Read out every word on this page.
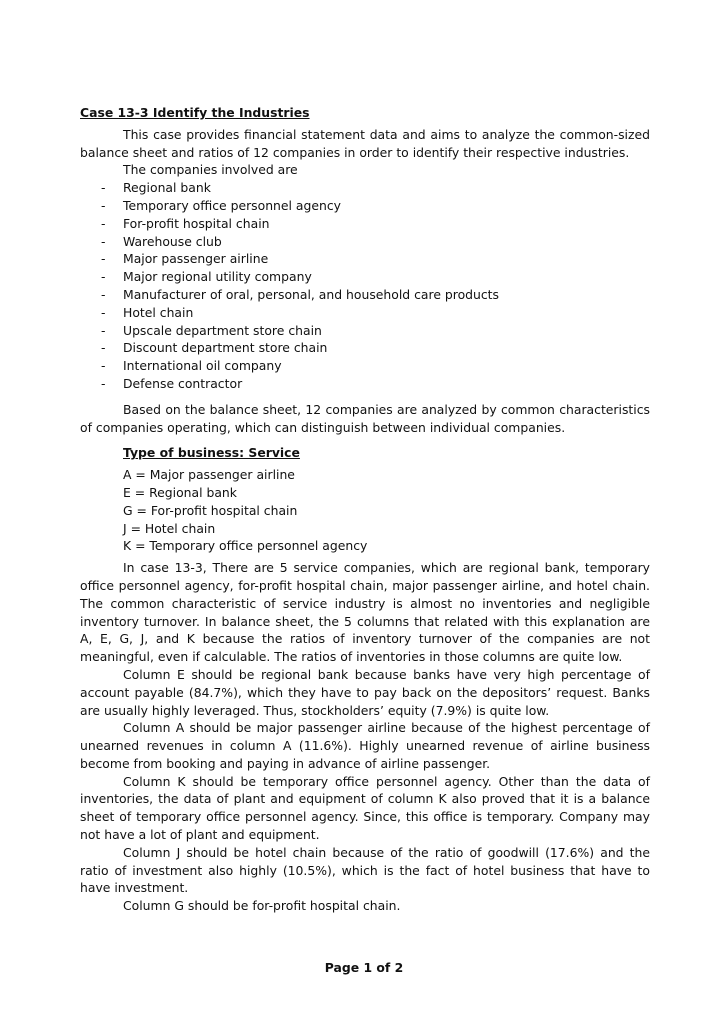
Case 13-3 Identify the Industries

This case provides financial statement data and aims to analyze the common-sized balance sheet and ratios of 12 companies in order to identify their respective industries.

The companies involved are

- Regional bank
- Temporary office personnel agency
- For-profit hospital chain
- Warehouse club
- Major passenger airline
- Major regional utility company
- Manufacturer of oral, personal, and household care products
- Hotel chain
- Upscale department store chain
- Discount department store chain
- International oil company
- Defense contractor

Based on the balance sheet, 12 companies are analyzed by common characteristics of companies operating, which can distinguish between individual companies.

Type of business: Service

A = Major passenger airline

E = Regional bank

G = For-profit hospital chain

J = Hotel chain

K = Temporary office personnel agency

In case 13-3, There are 5 service companies, which are regional bank, temporary office personnel agency, for-profit hospital chain, major passenger airline, and hotel chain. The common characteristic of service industry is almost no inventories and negligible inventory turnover. In balance sheet, the 5 columns that related with this explanation are A, E, G, J, and K because the ratios of inventory turnover of the companies are not meaningful, even if calculable. The ratios of inventories in those columns are quite low.

Column E should be regional bank because banks have very high percentage of account payable (84.7%), which they have to pay back on the depositors’ request. Banks are usually highly leveraged. Thus, stockholders’ equity (7.9%) is quite low.

Column A should be major passenger airline because of the highest percentage of unearned revenues in column A (11.6%). Highly unearned revenue of airline business become from booking and paying in advance of airline passenger.

Column K should be temporary office personnel agency. Other than the data of inventories, the data of plant and equipment of column K also proved that it is a balance sheet of temporary office personnel agency. Since, this office is temporary. Company may not have a lot of plant and equipment.

Column J should be hotel chain because of the ratio of goodwill (17.6%) and the ratio of investment also highly (10.5%), which is the fact of hotel business that have to have investment.

Column G should be for-profit hospital chain.

Page 1 of 2
